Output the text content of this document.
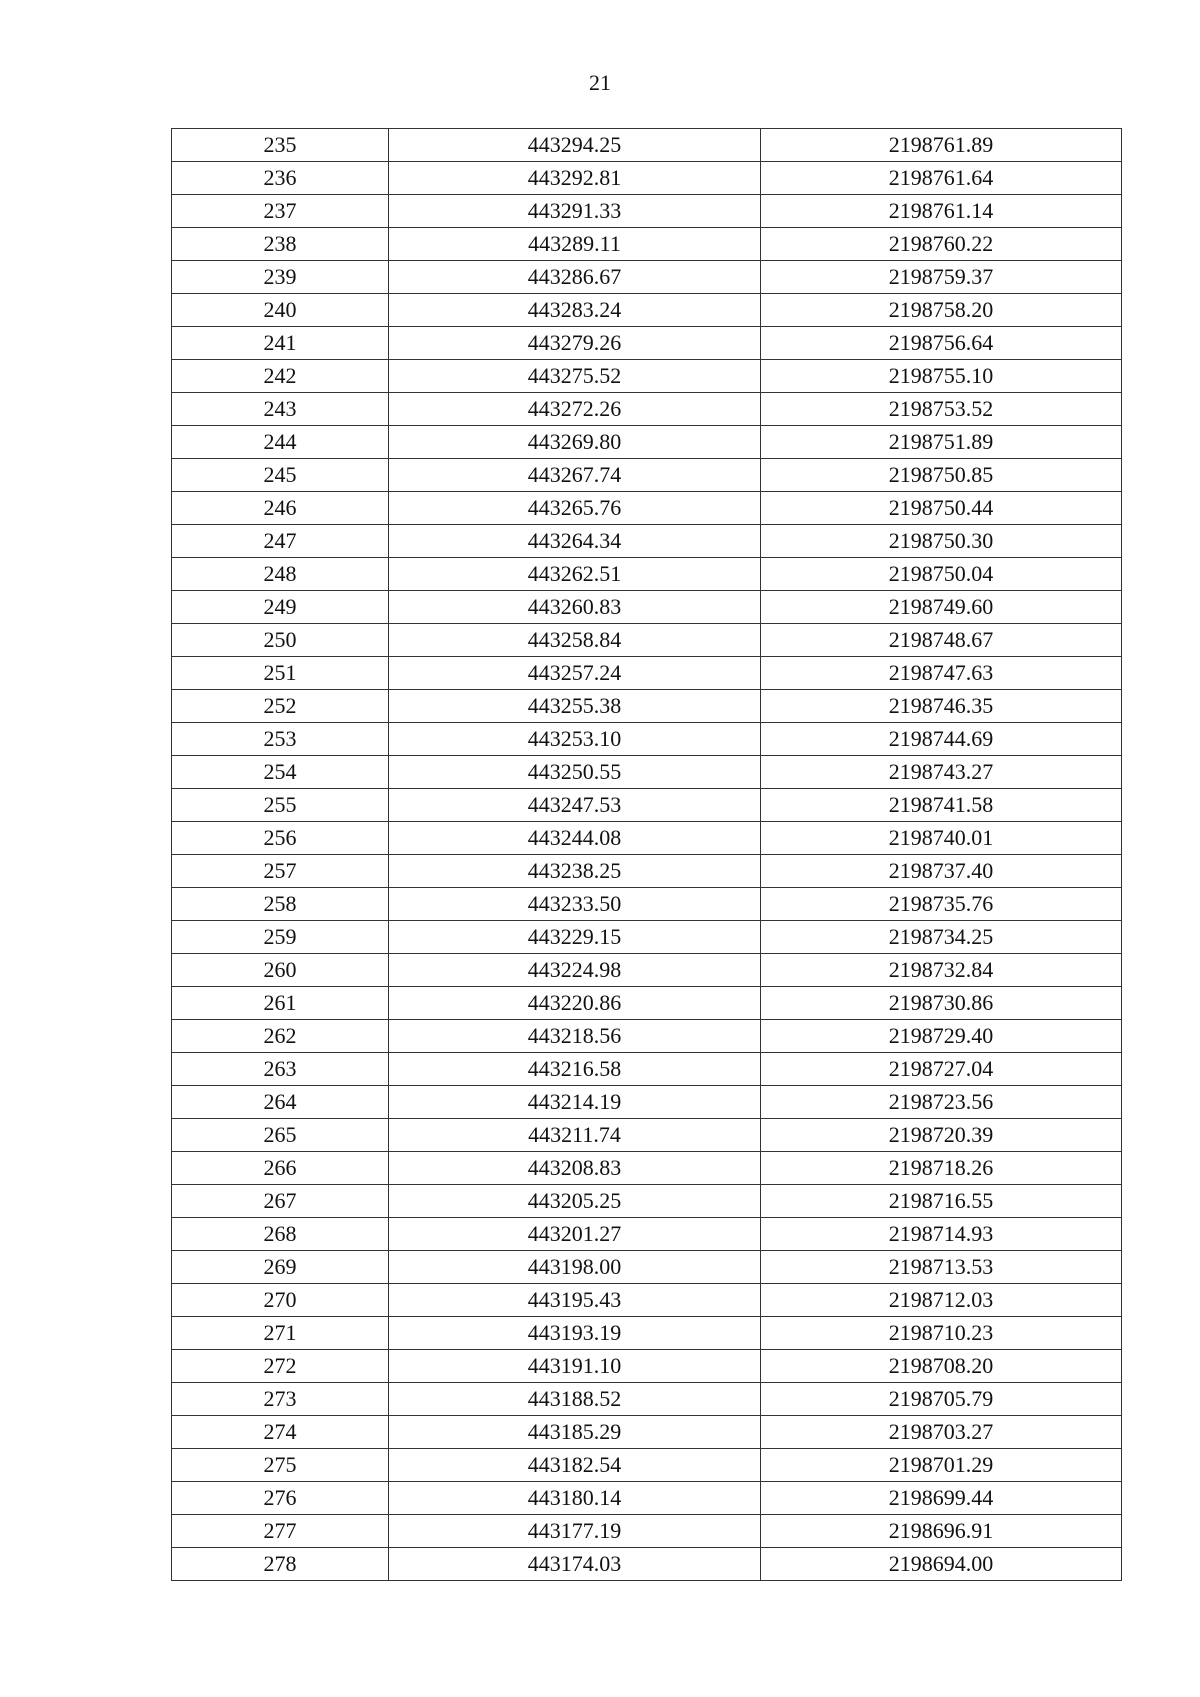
21
235	443294.25	2198761.89
236	443292.81	2198761.64
237	443291.33	2198761.14
238	443289.11	2198760.22
239	443286.67	2198759.37
240	443283.24	2198758.20
241	443279.26	2198756.64
242	443275.52	2198755.10
243	443272.26	2198753.52
244	443269.80	2198751.89
245	443267.74	2198750.85
246	443265.76	2198750.44
247	443264.34	2198750.30
248	443262.51	2198750.04
249	443260.83	2198749.60
250	443258.84	2198748.67
251	443257.24	2198747.63
252	443255.38	2198746.35
253	443253.10	2198744.69
254	443250.55	2198743.27
255	443247.53	2198741.58
256	443244.08	2198740.01
257	443238.25	2198737.40
258	443233.50	2198735.76
259	443229.15	2198734.25
260	443224.98	2198732.84
261	443220.86	2198730.86
262	443218.56	2198729.40
263	443216.58	2198727.04
264	443214.19	2198723.56
265	443211.74	2198720.39
266	443208.83	2198718.26
267	443205.25	2198716.55
268	443201.27	2198714.93
269	443198.00	2198713.53
270	443195.43	2198712.03
271	443193.19	2198710.23
272	443191.10	2198708.20
273	443188.52	2198705.79
274	443185.29	2198703.27
275	443182.54	2198701.29
276	443180.14	2198699.44
277	443177.19	2198696.91
278	443174.03	2198694.00
